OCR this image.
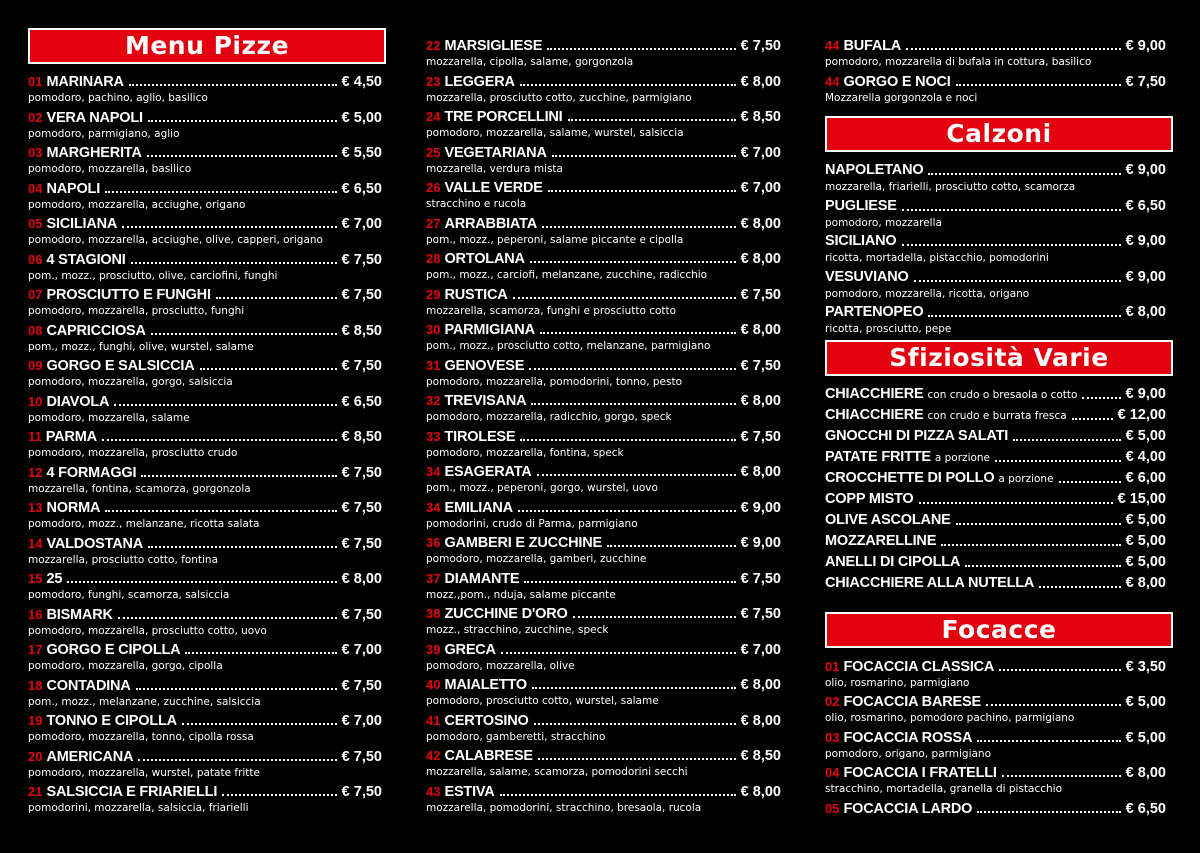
Menu Pizze
01 MARINARA	€ 4,50
pomodoro, pachino, aglio, basilico
02 VERA NAPOLI	€ 5,00
pomodoro, parmigiano, aglio
03 MARGHERITA	€ 5,50
pomodoro, mozzarella, basilico
04 NAPOLI	€ 6,50
pomodoro, mozzarella, acciughe, origano
05 SICILIANA	€ 7,00
pomodoro, mozzarella, acciughe, olive, capperi, origano
06 4 STAGIONI	€ 7,50
pom., mozz., prosciutto, olive, carciofini, funghi
07 PROSCIUTTO E FUNGHI	€ 7,50
pomodoro, mozzarella, prosciutto, funghi
08 CAPRICCIOSA	€ 8,50
pom., mozz., funghi, olive, wurstel, salame
09 GORGO E SALSICCIA	€ 7,50
pomodoro, mozzarella, gorgo, salsiccia
10 DIAVOLA	€ 6,50
pomodoro, mozzarella, salame
11 PARMA	€ 8,50
pomodoro, mozzarella, prosciutto crudo
12 4 FORMAGGI	€ 7,50
mozzarella, fontina, scamorza, gorgonzola
13 NORMA	€ 7,50
pomodoro, mozz., melanzane, ricotta salata
14 VALDOSTANA	€ 7,50
mozzarella, prosciutto cotto, fontina
15 25	€ 8,00
pomodoro, funghi, scamorza, salsiccia
16 BISMARK	€ 7,50
pomodoro, mozzarella, prosciutto cotto, uovo
17 GORGO E CIPOLLA	€ 7,00
pomodoro, mozzarella, gorgo, cipolla
18 CONTADINA	€ 7,50
pom., mozz., melanzane, zucchine, salsiccia
19 TONNO E CIPOLLA	€ 7,00
pomodoro, mozzarella, tonno, cipolla rossa
20 AMERICANA	€ 7,50
pomodoro, mozzarella, wurstel, patate fritte
21 SALSICCIA E FRIARIELLI	€ 7,50
pomodorini, mozzarella, salsiccia, friarielli
22 MARSIGLIESE	€ 7,50
mozzarella, cipolla, salame, gorgonzola
23 LEGGERA	€ 8,00
mozzarella, prosciutto cotto, zucchine, parmigiano
24 TRE PORCELLINI	€ 8,50
pomodoro, mozzarella, salame, wurstel, salsiccia
25 VEGETARIANA	€ 7,00
mozzarella, verdura mista
26 VALLE VERDE	€ 7,00
stracchino e rucola
27 ARRABBIATA	€ 8,00
pom., mozz., peperoni, salame piccante e cipolla
28 ORTOLANA	€ 8,00
pom., mozz., carciofi, melanzane, zucchine, radicchio
29 RUSTICA	€ 7,50
mozzarella, scamorza, funghi e prosciutto cotto
30 PARMIGIANA	€ 8,00
pom., mozz., prosciutto cotto, melanzane, parmigiano
31 GENOVESE	€ 7,50
pomodoro, mozzarella, pomodorini, tonno, pesto
32 TREVISANA	€ 8,00
pomodoro, mozzarella, radicchio, gorgo, speck
33 TIROLESE	€ 7,50
pomodoro, mozzarella, fontina, speck
34 ESAGERATA	€ 8,00
pom., mozz., peperoni, gorgo, wurstel, uovo
34 EMILIANA	€ 9,00
pomodorini, crudo di Parma, parmigiano
36 GAMBERI E ZUCCHINE	€ 9,00
pomodoro, mozzarella, gamberi, zucchine
37 DIAMANTE	€ 7,50
mozz.,pom., nduja, salame piccante
38 ZUCCHINE D'ORO	€ 7,50
mozz., stracchino, zucchine, speck
39 GRECA	€ 7,00
pomodoro, mozzarella, olive
40 MAIALETTO	€ 8,00
pomodoro, prosciutto cotto, wurstel, salame
41 CERTOSINO	€ 8,00
pomodoro, gamberetti, stracchino
42 CALABRESE	€ 8,50
mozzarella, salame, scamorza, pomodorini secchi
43 ESTIVA	€ 8,00
mozzarella, pomodorini, stracchino, bresaola, rucola
44 BUFALA	€ 9,00
pomodoro, mozzarella di bufala in cottura, basilico
44 GORGO E NOCI	€ 7,50
Mozzarella gorgonzola e noci
Calzoni
NAPOLETANO	€ 9,00
mozzarella, friarielli, prosciutto cotto, scamorza
PUGLIESE	€ 6,50
pomodoro, mozzarella
SICILIANO	€ 9,00
ricotta, mortadella, pistacchio, pomodorini
VESUVIANO	€ 9,00
pomodoro, mozzarella, ricotta, origano
PARTENOPEO	€ 8,00
ricotta, prosciutto, pepe
Sfiziosità Varie
CHIACCHIERE con crudo o bresaola o cotto	€ 9,00
CHIACCHIERE con crudo e burrata fresca	€ 12,00
GNOCCHI DI PIZZA SALATI	€ 5,00
PATATE FRITTE a porzione	€ 4,00
CROCCHETTE DI POLLO a porzione	€ 6,00
COPP MISTO	€ 15,00
OLIVE ASCOLANE	€ 5,00
MOZZARELLINE	€ 5,00
ANELLI DI CIPOLLA	€ 5,00
CHIACCHIERE ALLA NUTELLA	€ 8,00
Focacce
01 FOCACCIA CLASSICA	€ 3,50
olio, rosmarino, parmigiano
02 FOCACCIA BARESE	€ 5,00
olio, rosmarino, pomodoro pachino, parmigiano
03 FOCACCIA ROSSA	€ 5,00
pomodoro, origano, parmigiano
04 FOCACCIA I FRATELLI	€ 8,00
stracchino, mortadella, granella di pistacchio
05 FOCACCIA LARDO	€ 6,50
